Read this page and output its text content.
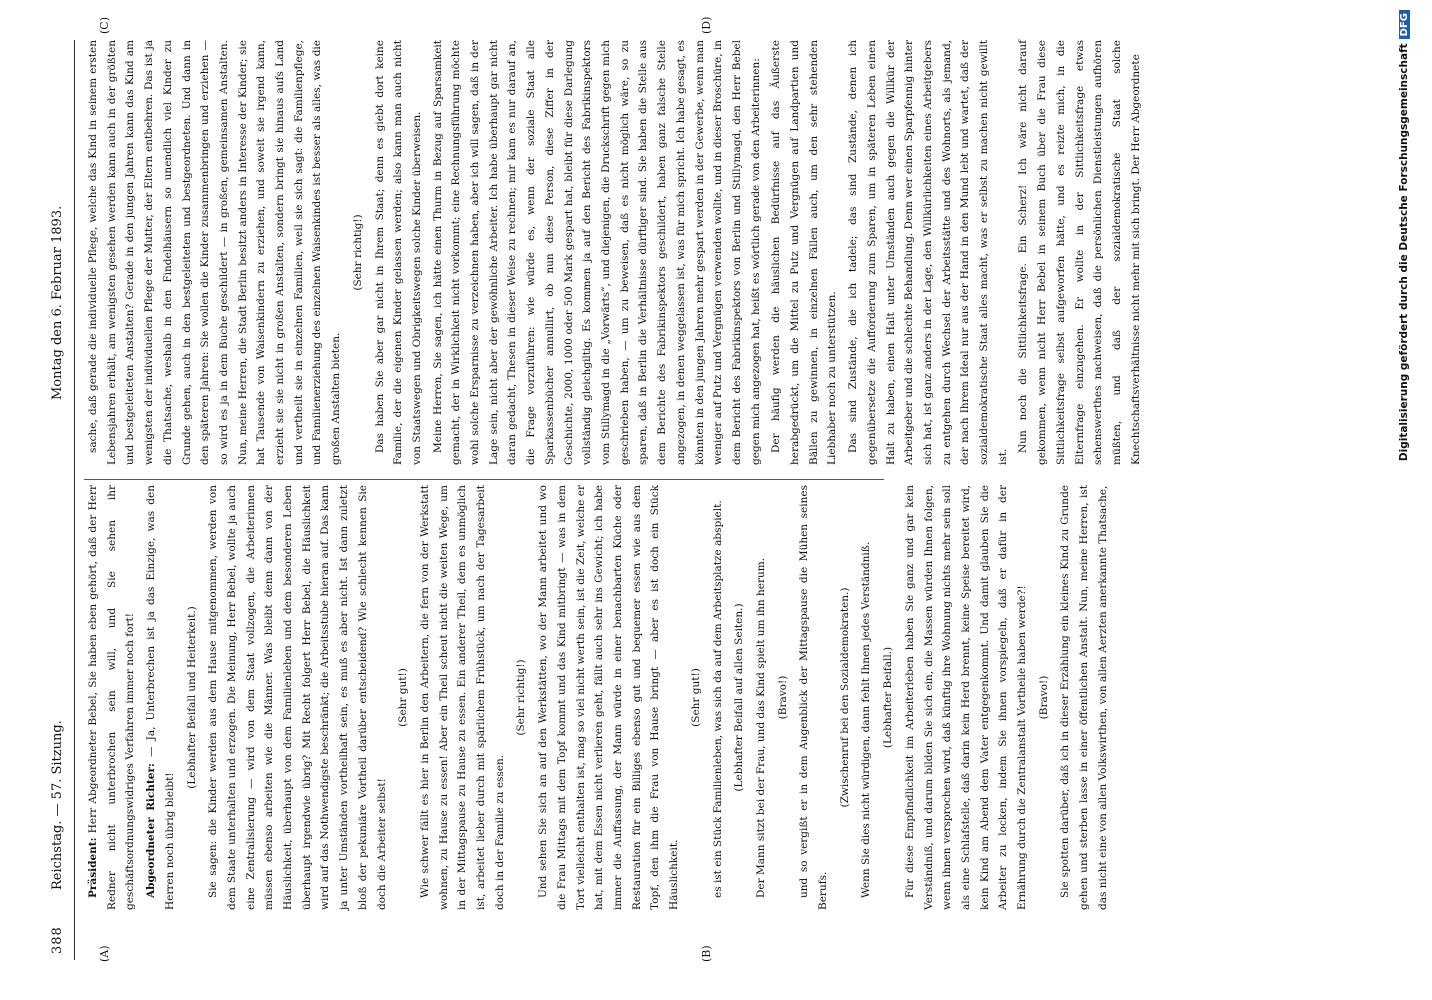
388
Reichstag. — 57. Sitzung.
Montag den 6. Februar 1893.
(A)	(B)
(C)	(D)

Präsident: Herr Abgeordneter Bebel, Sie haben eben gehört, daß der Herr Redner nicht unterbrochen sein will, und Sie sehen ihr geschäftsordnungswidriges Verfahren immer noch fort! Abgeordneter Richter: — Ja, Unterbrechen ist ja das Einzige, was den Herren noch übrig bleibt!

(Lebhafter Beifall und Heiterkeit.) Sie sagen: die Kinder werden aus dem Hause mitgenommen, werden von dem Staate unterhalten und erzogen. Die Meinung, Herr Bebel, wollte ja auch eine Zentralisierung — wird von dem Staat vollzogen, die Arbeiterinnen müssen ebenso arbeiten wie die Männer. Was bleibt denn dann von der Häuslichkeit, überhaupt von dem Familienleben und dem besonderen Leben überhaupt irgendwie übrig? Mit Recht folgert Herr Bebel, die Häuslichkeit wird auf das Nothwendigste beschränkt; die Arbeitsstube hieran auf. Das kann ja unter Umständen vortheilhaft sein, es muß es aber nicht. Ist dann zuletzt bloß der pekuniäre Vortheil darüber entscheidend? Wie schlecht kennen Sie doch die Arbeiter selbst!

(Sehr gut!) Wie schwer fällt es hier in Berlin den Arbeitern, die fern von der Werkstatt wohnen, zu Hause zu essen! Aber ein Theil scheut nicht die weiten Wege, um in der Mittagspause zu Hause zu essen. Ein anderer Theil, dem es unmöglich ist, arbeitet lieber durch mit spärlichem Frühstück, um nach der Tagesarbeit doch in der Familie zu essen.

(Sehr richtig!) Und sehen Sie sich an auf den Werkstätten, wo der Mann arbeitet und wo die Frau Mittags mit dem Topf kommt und das Kind mitbringt — was in dem Tort vielleicht enthalten ist, mag so viel nicht werth sein, ist die Zeit, welche er hat, mit dem Essen nicht verlieren geht, fällt auch sehr ins Gewicht; ich habe immer die Auffassung, der Mann würde in einer benachbarten Küche oder Restauration für ein Billiges ebenso gut und bequemer essen wie aus dem Topf, den ihm die Frau von Hause bringt — aber es ist doch ein Stück Häuslichkeit.

(Sehr gut!) es ist ein Stück Familienleben, was sich da auf dem Arbeitsplatze abspielt. (Lebhafter Beifall auf allen Seiten.) Der Mann sitzt bei der Frau, und das Kind spielt um ihn herum. (Bravo!) und so vergißt er in dem Augenblick der Mittagspause die Mühen seines Berufs.

(Zwischenruf bei den Sozialdemokraten.) Wenn Sie dies nicht würdigen, dann fehlt Ihnen jedes Verständniß. (Lebhafter Beifall.) Für diese Empfindlichkeit im Arbeiterleben haben Sie ganz und gar kein Verständniß, und darum bilden Sie sich ein, die Massen würden Ihnen folgen, wenn ihnen versprochen wird, daß künftig ihre Wohnung nichts mehr sein soll als eine Schlafstelle, daß darin kein Herd brennt, keine Speise bereitet wird, kein Kind am Abend dem Vater entgegenkommt. Und damit glauben Sie die Arbeiter zu locken, indem Sie ihnen vorspiegeln, daß er dafür in der Ernährung durch die Zentralanstalt Vortheile haben werde?! (Bravo!) Sie spotten darüber, daß ich in dieser Erzählung ein kleines Kind zu Grunde gehen und sterben lasse in einer öffentlichen Anstalt. Nun, meine Herren, ist das nicht eine von allen Volkswirthen, von allen Aerzten anerkannte Thatsache,

sache, daß gerade die individuelle Pflege, welche das Kind in seinem ersten Lebensjahren erhält, am wenigsten gesehen werden kann auch in der größten und bestgeleiteten Anstalten? Gerade in den jungen Jahren kann das Kind am wenigsten der individuellen Pflege der Mutter, der Eltern entbehren. Das ist ja die Thatsache, weshalb in den Findelhäusern so unendlich viel Kinder zu Grunde gehen, auch in den bestgeleiteten und bestgeordneten. Und dann in den späteren Jahren: Sie wollen die Kinder zusammenbringen und erziehen — so wird es ja in dem Buche geschildert — in großen, gemeinsamen Anstalten. Nun, meine Herren, die Stadt Berlin besitzt anders in Interesse der Kinder; sie hat Tausende von Waisenkindern zu erziehen, und soweit sie irgend kann, erzieht sie sie nicht in großen Anstalten, sondern bringt sie hinaus aufs Land und vertheilt sie in einzelnen Familien, weil sie sich sagt: die Familienpflege, und Familienerziehung des einzelnen Waisenkindes ist besser als alles, was die großen Anstalten bieten.

(Sehr richtig!) Das haben Sie aber gar nicht in Ihrem Staat; denn es giebt dort keine Familie, der die eigenen Kinder gelassen werden; also kann man auch nicht von Staatswegen und Obrigkeitswegen solche Kinder überweisen. Meine Herren, Sie sagen, ich hätte einen Thurm in Bezug auf Sparsamkeit gemacht, der in Wirklichkeit nicht vorkommt; eine Rechnungsführung möchte wohl solche Ersparnisse zu verzeichnen haben, aber ich will sagen, daß in der Lage sein, nicht aber der gewöhnliche Arbeiter. Ich habe überhaupt gar nicht daran gedacht, Thesen in dieser Weise zu rechnen; mir kam es nur darauf an, die Frage vorzuführen: wie würde es, wenn der soziale Staat alle Sparkassenbücher annullirt, ob nun diese Person, diese Ziffer in der Geschichte, 2000, 1000 oder 500 Mark gespart hat, bleibt für diese Darlegung vollständig gleichgiltig. Es kommen ja auf den Bericht des Fabrikinspektors vom Stillymagd in die „Vorwärts“, und diejenigen, die Druckschrift gegen mich geschrieben haben, — um zu beweisen, daß es nicht möglich wäre, so zu sparen, daß in Berlin die Verhältnisse dürftiger sind. Sie haben die Stelle aus dem Berichte des Fabrikinspektors geschildert, haben ganz falsche Stelle angezogen, in denen weggelassen ist, was für mich spricht. Ich habe gesagt, es könnten in den jungen Jahren mehr gespart werden in der Gewerbe, wenn man weniger auf Putz und Vergnügen verwenden wollte, und in dieser Broschüre, in dem Bericht des Fabrikinspektors von Berlin und Stillymagd, den Herr Bebel gegen mich angezogen hat, heißt es wörtlich gerade von den Arbeiterinnen: Der häufig werden die häuslichen Bedürfnisse auf das Äußerste herabgedrückt, um die Mittel zu Putz und Vergnügen auf Landpartien und Bällen zu gewinnen, in einzelnen Fällen auch, um den sehr stehenden Liebhaber noch zu unterstützen. Das sind Zustände, die ich tadele; das sind Zustände, denen ich gegenübersetze die Aufforderung zum Sparen, um in späteren Leben einen Halt zu haben, einen Halt unter Umständen auch gegen die Willkür der Arbeitgeber und die schlechte Behandlung. Denn wer einen Sparpfennig hinter sich hat, ist ganz anders in der Lage, den Willkürlichkeiten eines Arbeitgebers zu entgehen durch Wechsel der Arbeitsstätte und des Wohnorts, als jemand, der nach Ihrem Ideal nur aus der Hand in den Mund lebt und wartet, daß der sozialdemokratische Staat alles macht, was er selbst zu machen nicht gewillt ist.

Nun noch die Sittlichkeitsfrage. Ein Scherz! Ich wäre nicht darauf gekommen, wenn nicht Herr Bebel in seinem Buch über die Frau diese Sittlichkeitsfrage selbst aufgeworfen hätte, und es reizte mich, in die Elternfrage einzugehen. Er wollte in der Sittlichkeitsfrage etwas sehenswerthes nachweisen, daß die persönlichen Dienstleistungen aufhören müßten, und daß der sozialdemokratische Staat solche Knechtschaftsverhältnisse nicht mehr mit sich bringt. Der Herr Abgeordnete	Digitalisierung gefördert durch die Deutsche ForschungsgemeinschaftDFG
